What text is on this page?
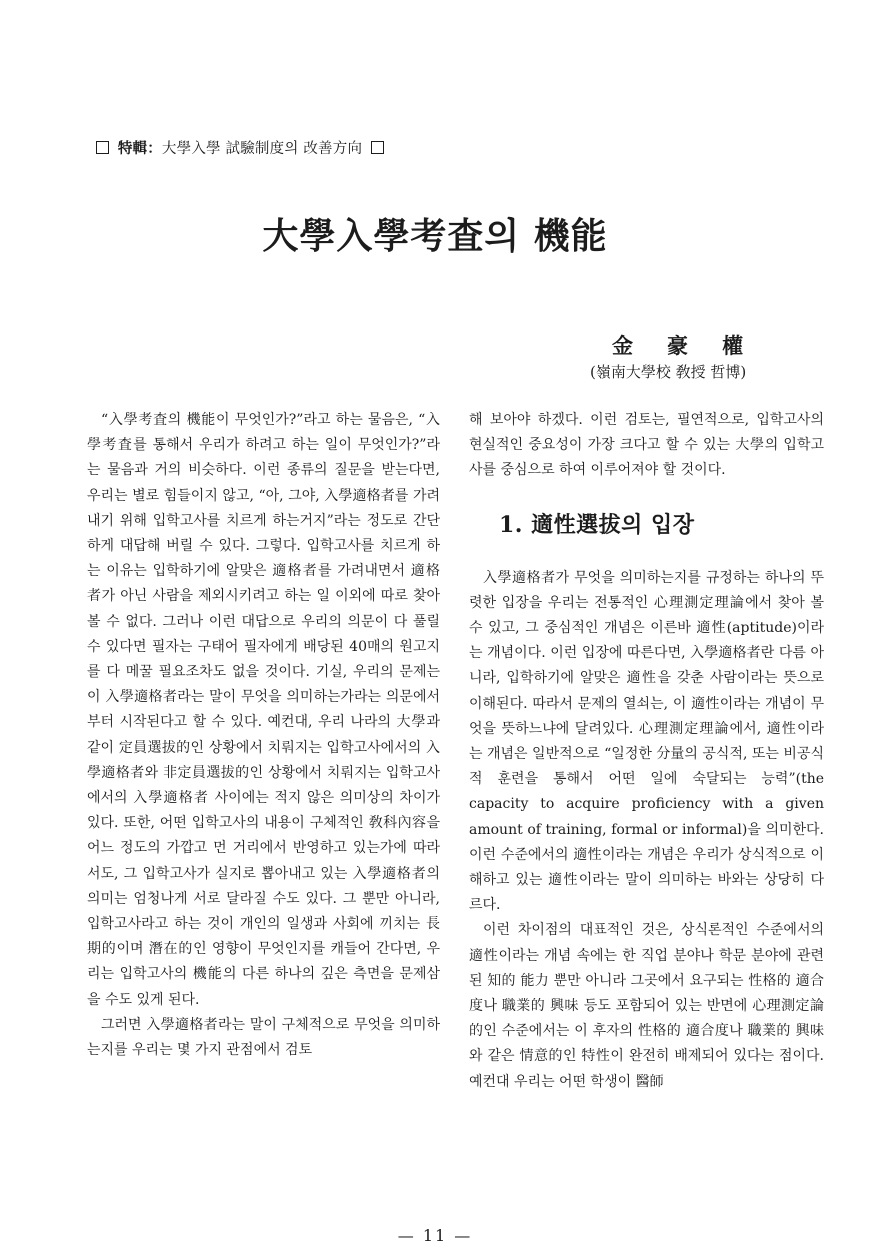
特輯：大學入學 試驗制度의 改善方向
大學入學考査의 機能
金豪權
(嶺南大學校 敎授 哲博)

“入學考査의 機能이 무엇인가?”라고 하는 물음은, “入學考査를 통해서 우리가 하려고 하는 일이 무엇인가?”라는 물음과 거의 비슷하다. 이런 종류의 질문을 받는다면, 우리는 별로 힘들이지 않고, “아, 그야, 入學適格者를 가려내기 위해 입학고사를 치르게 하는거지”라는 정도로 간단하게 대답해 버릴 수 있다. 그렇다. 입학고사를 치르게 하는 이유는 입학하기에 알맞은 適格者를 가려내면서 適格者가 아닌 사람을 제외시키려고 하는 일 이외에 따로 찾아 볼 수 없다. 그러나 이런 대답으로 우리의 의문이 다 풀릴 수 있다면 필자는 구태어 필자에게 배당된 40매의 원고지를 다 메꿀 필요조차도 없을 것이다. 기실, 우리의 문제는 이 入學適格者라는 말이 무엇을 의미하는가라는 의문에서 부터 시작된다고 할 수 있다. 예컨대, 우리 나라의 大學과 같이 定員選拔的인 상황에서 치뤄지는 입학고사에서의 入學適格者와 非定員選拔的인 상황에서 치뤄지는 입학고사에서의 入學適格者 사이에는 적지 않은 의미상의 차이가 있다. 또한, 어떤 입학고사의 내용이 구체적인 敎科內容을 어느 정도의 가깝고 먼 거리에서 반영하고 있는가에 따라서도, 그 입학고사가 실지로 뽑아내고 있는 入學適格者의 의미는 엄청나게 서로 달라질 수도 있다. 그 뿐만 아니라, 입학고사라고 하는 것이 개인의 일생과 사회에 끼치는 長期的이며 潛在的인 영향이 무엇인지를 캐들어 간다면, 우리는 입학고사의 機能의 다른 하나의 깊은 측면을 문제삼을 수도 있게 된다.

그러면 入學適格者라는 말이 구체적으로 무엇을 의미하는지를 우리는 몇 가지 관점에서 검토

해 보아야 하겠다. 이런 검토는, 필연적으로, 입학고사의 현실적인 중요성이 가장 크다고 할 수 있는 大學의 입학고사를 중심으로 하여 이루어져야 할 것이다.

1. 適性選拔의 입장

入學適格者가 무엇을 의미하는지를 규정하는 하나의 뚜렷한 입장을 우리는 전통적인 心理測定理論에서 찾아 볼 수 있고, 그 중심적인 개념은 이른바 適性(aptitude)이라는 개념이다. 이런 입장에 따른다면, 入學適格者란 다름 아니라, 입학하기에 알맞은 適性을 갖춘 사람이라는 뜻으로 이해된다. 따라서 문제의 열쇠는, 이 適性이라는 개념이 무엇을 뜻하느냐에 달려있다. 心理測定理論에서, 適性이라는 개념은 일반적으로 “일정한 分量의 공식적, 또는 비공식적 훈련을 통해서 어떤 일에 숙달되는 능력”(the capacity to acquire proficiency with a given amount of training, formal or informal)을 의미한다. 이런 수준에서의 適性이라는 개념은 우리가 상식적으로 이해하고 있는 適性이라는 말이 의미하는 바와는 상당히 다르다.

이런 차이점의 대표적인 것은, 상식론적인 수준에서의 適性이라는 개념 속에는 한 직업 분야나 학문 분야에 관련된 知的 能力 뿐만 아니라 그곳에서 요구되는 性格的 適合度나 職業的 興味 등도 포함되어 있는 반면에 心理測定論的인 수준에서는 이 후자의 性格的 適合度나 職業的 興味와 같은 情意的인 特性이 완전히 배제되어 있다는 점이다. 예컨대 우리는 어떤 학생이 醫師

— 11 —
